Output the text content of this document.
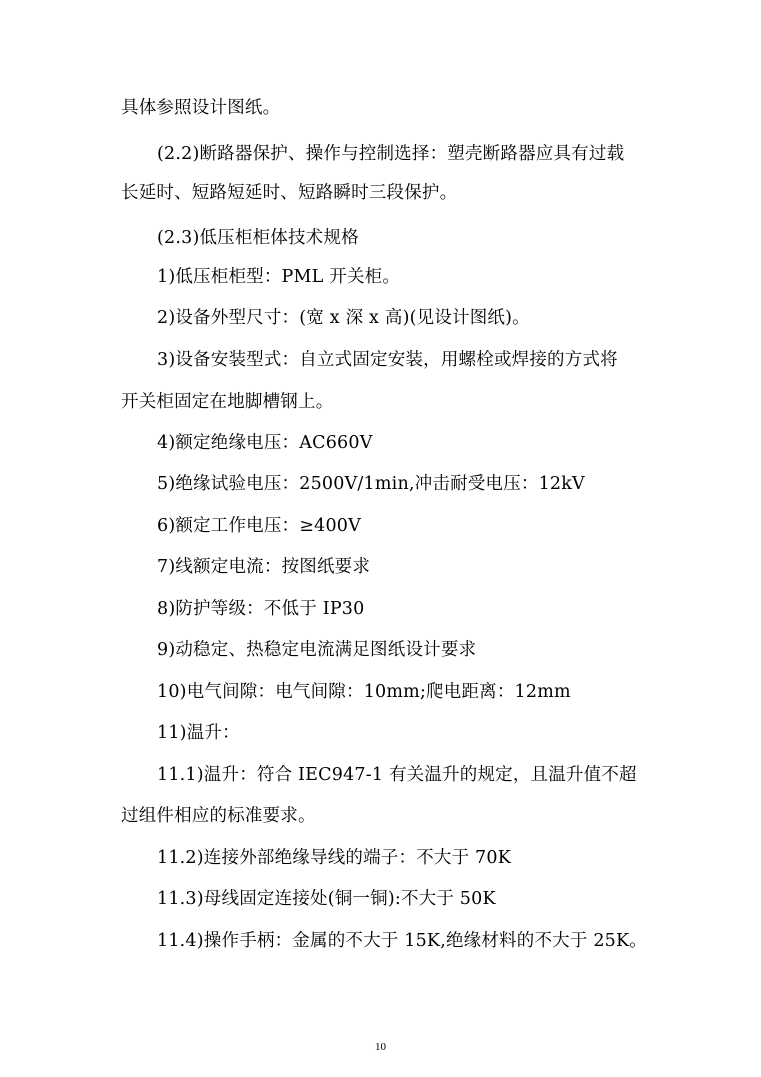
具体参照设计图纸。
(2.2)断路器保护、操作与控制选择：塑壳断路器应具有过载
长延时、短路短延时、短路瞬时三段保护。
(2.3)低压柜柜体技术规格
1)低压柜柜型：PML 开关柜。
2)设备外型尺寸：(宽 x 深 x 高)(见设计图纸)。
3)设备安装型式：自立式固定安装，用螺栓或焊接的方式将
开关柜固定在地脚槽钢上。
4)额定绝缘电压：AC660V
5)绝缘试验电压：2500V/1min,冲击耐受电压：12kV
6)额定工作电压：≥400V
7)线额定电流：按图纸要求
8)防护等级：不低于 IP30
9)动稳定、热稳定电流满足图纸设计要求
10)电气间隙：电气间隙：10mm;爬电距离：12mm
11)温升：
11.1)温升：符合 IEC947-1 有关温升的规定，且温升值不超
过组件相应的标准要求。
11.2)连接外部绝缘导线的端子：不大于 70K
11.3)母线固定连接处(铜一铜):不大于 50K
11.4)操作手柄：金属的不大于 15K,绝缘材料的不大于 25K。
10
